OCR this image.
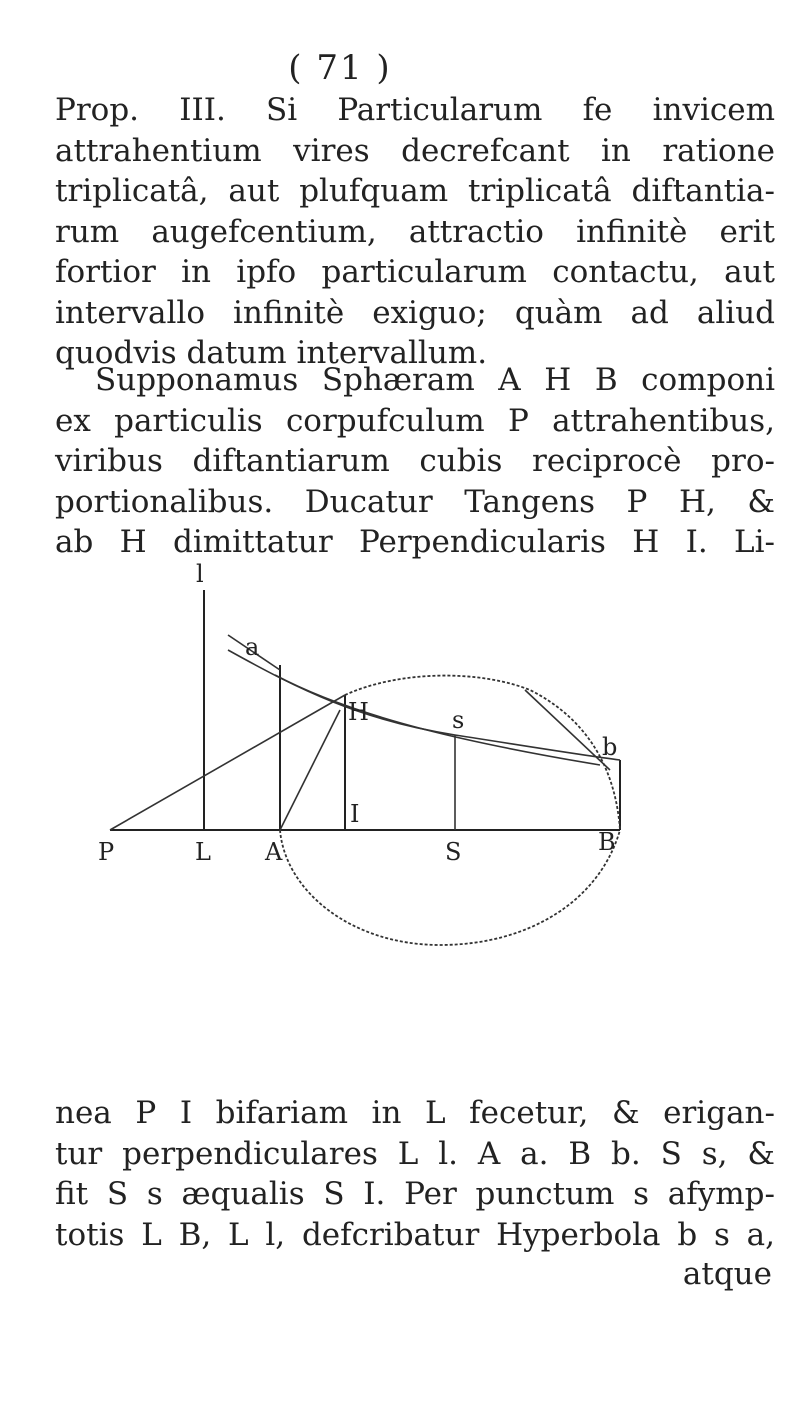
( 71 )
Prop. III. Si Particularum fe invicem
attrahentium vires decrefcant in ratione
triplicatâ, aut plufquam triplicatâ diftantia-
rum augefcentium, attractio infinitè erit
fortior in ipfo particularum contactu, aut
intervallo infinitè exiguo; quàm ad aliud
quodvis datum intervallum.
Supponamus Sphæram A H B componi
ex particulis corpufculum P attrahentibus,
viribus diftantiarum cubis reciprocè pro-
portionalibus. Ducatur Tangens P H, &
ab H dimittatur Perpendicularis H I. Li-
l
a
H	s
b
I
P	L A	S	B
nea P I bifariam in L fecetur, & erigan-
tur perpendiculares L l. A a. B b. S s, &
fit S s æqualis S I. Per punctum s afymp-
totis L B, L l, defcribatur Hyperbola b s a,
atque
